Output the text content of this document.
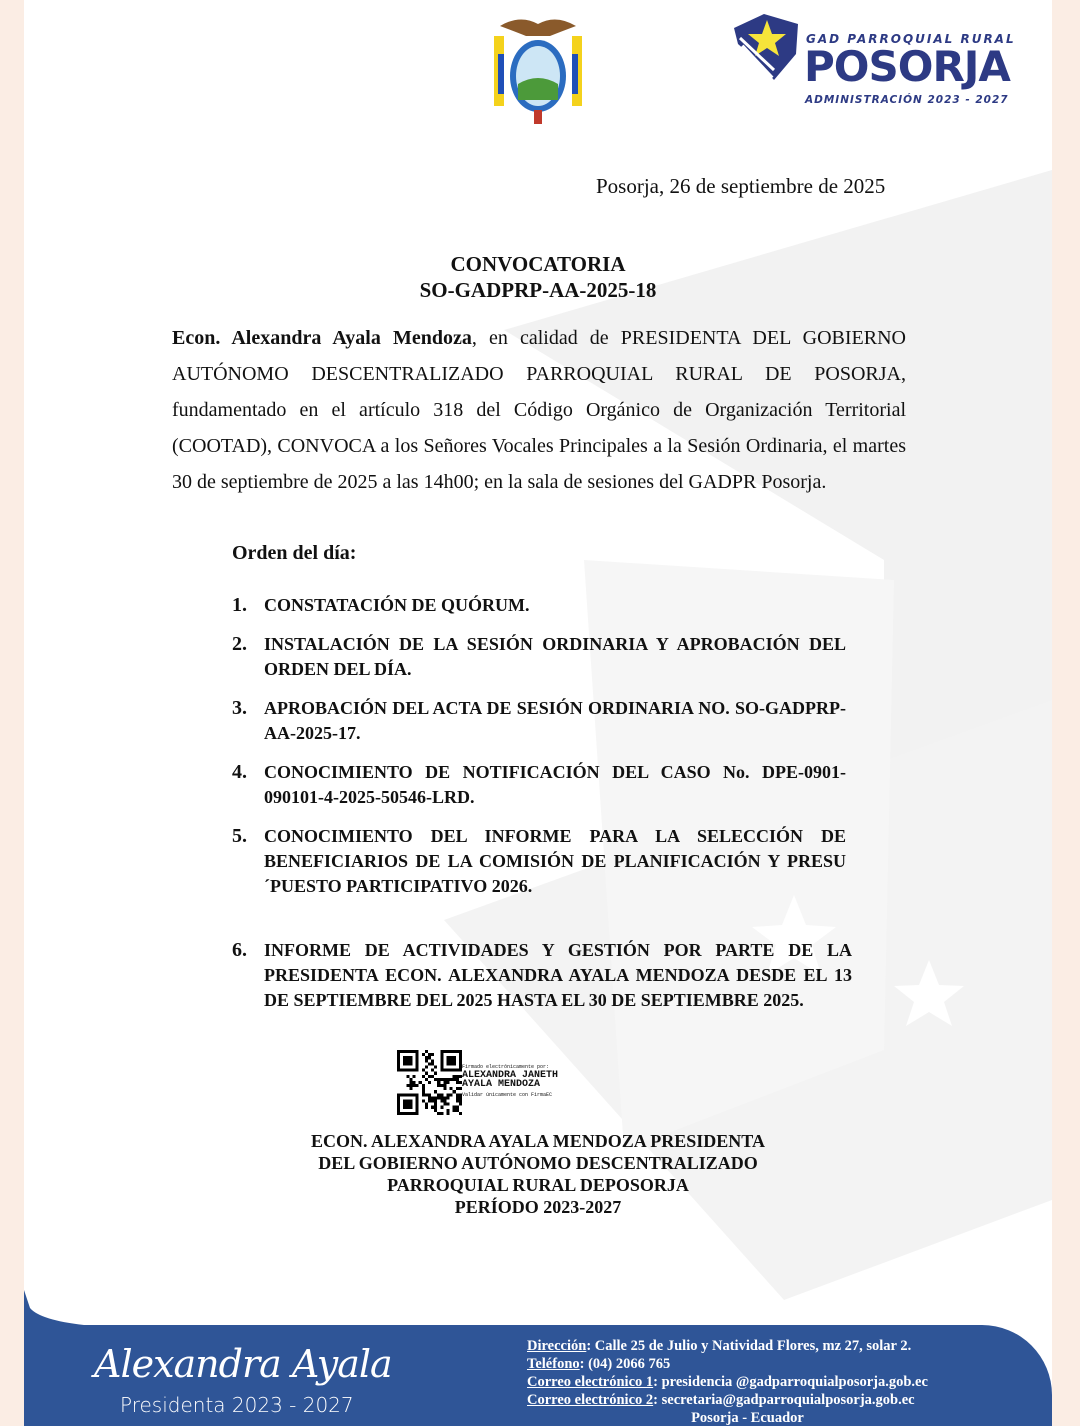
GAD PARROQUIAL RURAL
POSORJA
ADMINISTRACIÓN 2023 - 2027
Posorja, 26 de septiembre de 2025
CONVOCATORIA
SO-GADPRP-AA-2025-18
Econ. Alexandra Ayala Mendoza, en calidad de PRESIDENTA DEL GOBIERNO AUTÓNOMO DESCENTRALIZADO PARROQUIAL RURAL DE POSORJA, fundamentado en el artículo 318 del Código Orgánico de Organización Territorial (COOTAD), CONVOCA a los Señores Vocales Principales a la Sesión Ordinaria, el martes 30 de septiembre de 2025 a las 14h00; en la sala de sesiones del GADPR Posorja.
Orden del día:
1. CONSTATACIÓN DE QUÓRUM.
2. INSTALACIÓN DE LA SESIÓN ORDINARIA Y APROBACIÓN DEL ORDEN DEL DÍA.
3. APROBACIÓN DEL ACTA DE SESIÓN ORDINARIA NO. SO-GADPRP-AA-2025-17.
4. CONOCIMIENTO DE NOTIFICACIÓN DEL CASO No. DPE-0901-090101-4-2025-50546-LRD.
5. CONOCIMIENTO DEL INFORME PARA LA SELECCIÓN DE BENEFICIARIOS DE LA COMISIÓN DE PLANIFICACIÓN Y PRESU´PUESTO PARTICIPATIVO 2026.
6. INFORME DE ACTIVIDADES Y GESTIÓN POR PARTE DE LA PRESIDENTA ECON. ALEXANDRA AYALA MENDOZA DESDE EL 13 DE SEPTIEMBRE DEL 2025 HASTA EL 30 DE SEPTIEMBRE 2025.
Firmado electrónicamente por:
ALEXANDRA JANETH
AYALA MENDOZA
Validar únicamente con FirmaEC
ECON. ALEXANDRA AYALA MENDOZA PRESIDENTA
DEL GOBIERNO AUTÓNOMO DESCENTRALIZADO
PARROQUIAL RURAL DEPOSORJA
PERÍODO 2023-2027
Alexandra Ayala
Presidenta 2023 - 2027
Dirección: Calle 25 de Julio y Natividad Flores, mz 27, solar 2.
Teléfono: (04) 2066 765
Correo electrónico 1: presidencia @gadparroquialposorja.gob.ec
Correo electrónico 2: secretaria@gadparroquialposorja.gob.ec
Posorja - Ecuador
